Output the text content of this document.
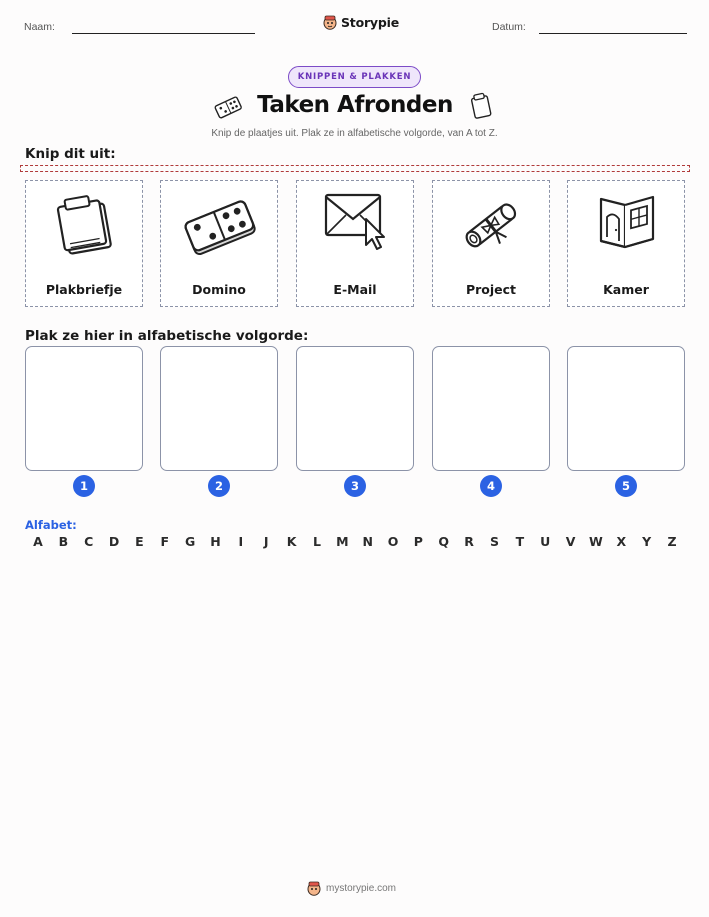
Naam:	Storypie	Datum:
KNIPPEN & PLAKKEN
Taken Afronden
Knip de plaatjes uit. Plak ze in alfabetische volgorde, van A tot Z.
Knip dit uit:
Plakbriefje	Domino	E-Mail	Project	Kamer
Plak ze hier in alfabetische volgorde:
1	2	3	4	5
Alfabet:
A B C D E F G H	I	J	K	L	M N O P Q R S T U V W X Y Z
mystorypie.com
